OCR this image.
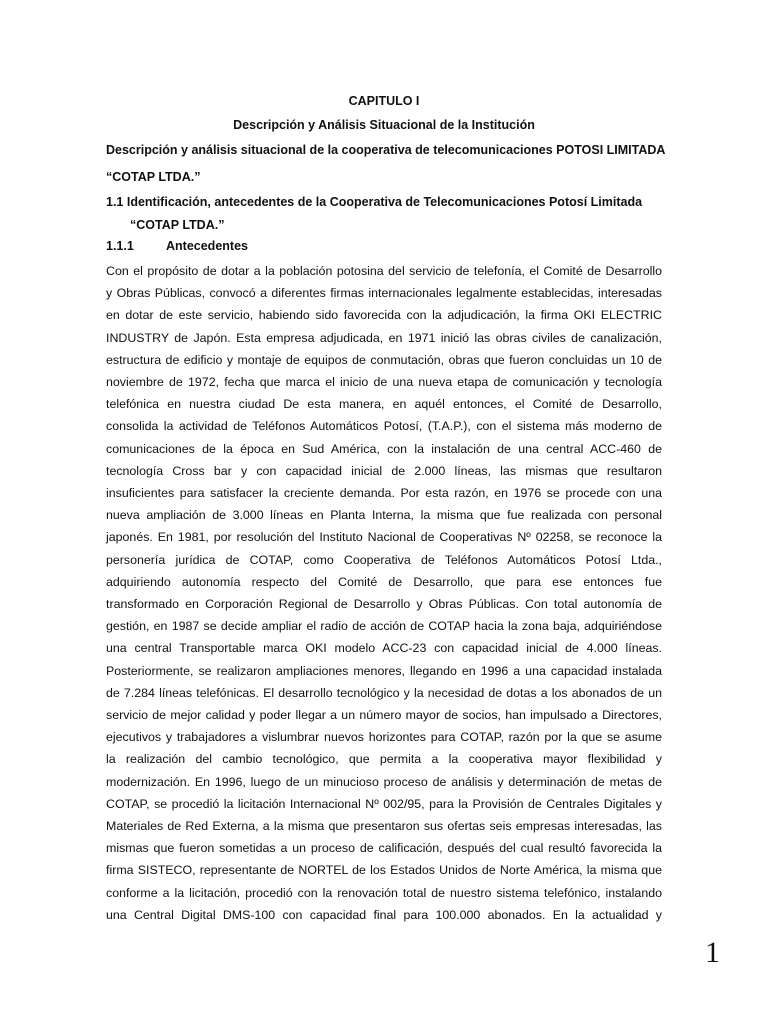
CAPITULO I
Descripción y Análisis Situacional de la Institución
Descripción y análisis situacional de la cooperativa de telecomunicaciones POTOSI LIMITADA
“COTAP LTDA.”
1.1 Identificación, antecedentes de la Cooperativa de Telecomunicaciones Potosí Limitada
“COTAP LTDA.”
1.1.1	Antecedentes
Con el propósito de dotar a la población potosina del servicio de telefonía, el Comité de Desarrollo
y Obras Públicas, convocó a diferentes firmas internacionales legalmente establecidas, interesadas
en dotar de este servicio, habiendo sido favorecida con la adjudicación, la firma OKI ELECTRIC
INDUSTRY de Japón. Esta empresa adjudicada, en 1971 inició las obras civiles de canalización,
estructura de edificio y montaje de equipos de conmutación, obras que fueron concluidas un 10 de
noviembre de 1972, fecha que marca el inicio de una nueva etapa de comunicación y tecnología
telefónica en nuestra ciudad De esta manera, en aquél entonces, el Comité de Desarrollo,
consolida la actividad de Teléfonos Automáticos Potosí, (T.A.P.), con el sistema más moderno de
comunicaciones de la época en Sud América, con la instalación de una central ACC-460 de
tecnología Cross bar y con capacidad inicial de 2.000 líneas, las mismas que resultaron
insuficientes para satisfacer la creciente demanda. Por esta razón, en 1976 se procede con una
nueva ampliación de 3.000 líneas en Planta Interna, la misma que fue realizada con personal
japonés. En 1981, por resolución del Instituto Nacional de Cooperativas Nº 02258, se reconoce la
personería jurídica de COTAP, como Cooperativa de Teléfonos Automáticos Potosí Ltda.,
adquiriendo autonomía respecto del Comité de Desarrollo, que para ese entonces fue
transformado en Corporación Regional de Desarrollo y Obras Públicas. Con total autonomía de
gestión, en 1987 se decide ampliar el radio de acción de COTAP hacia la zona baja, adquiriéndose
una central Transportable marca OKI modelo ACC-23 con capacidad inicial de 4.000 líneas.
Posteriormente, se realizaron ampliaciones menores, llegando en 1996 a una capacidad instalada
de 7.284 líneas telefónicas. El desarrollo tecnológico y la necesidad de dotas a los abonados de un
servicio de mejor calidad y poder llegar a un número mayor de socios, han impulsado a Directores,
ejecutivos y trabajadores a vislumbrar nuevos horizontes para COTAP, razón por la que se asume
la realización del cambio tecnológico, que permita a la cooperativa mayor flexibilidad y
modernización. En 1996, luego de un minucioso proceso de análisis y determinación de metas de
COTAP, se procedió la licitación Internacional Nº 002/95, para la Provisión de Centrales Digitales y
Materiales de Red Externa, a la misma que presentaron sus ofertas seis empresas interesadas, las
mismas que fueron sometidas a un proceso de calificación, después del cual resultó favorecida la
firma SISTECO, representante de NORTEL de los Estados Unidos de Norte América, la misma que
conforme a la licitación, procedió con la renovación total de nuestro sistema telefónico, instalando
una Central Digital DMS-100 con capacidad final para 100.000 abonados. En la actualidad y
1
